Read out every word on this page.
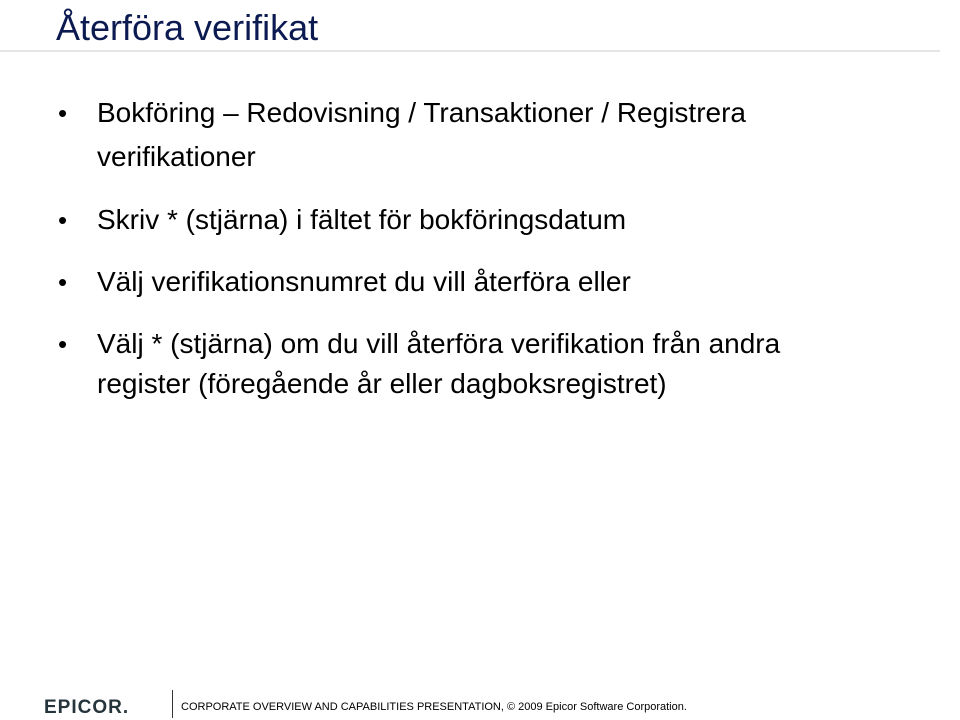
Återföra verifikat
• Bokföring – Redovisning / Transaktioner / Registrera
verifikationer
• Skriv * (stjärna) i fältet för bokföringsdatum
• Välj verifikationsnumret du vill återföra eller
• Välj * (stjärna) om du vill återföra verifikation från andra
register (föregående år eller dagboksregistret)
EPICOR.	CORPORATE OVERVIEW AND CAPABILITIES PRESENTATION, © 2009 Epicor Software Corporation.
